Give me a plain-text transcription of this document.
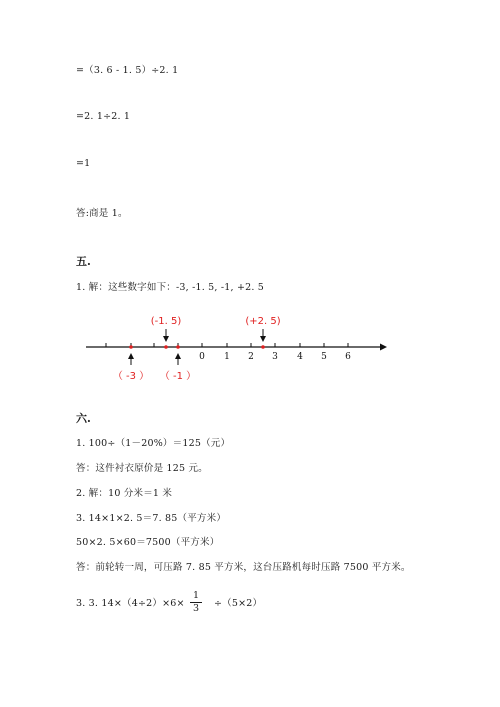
=（3. 6 - 1. 5）÷2. 1
=2. 1÷2. 1
=1
答:商是 1。
五.
1. 解：这些数字如下：-3, -1. 5, -1, +2. 5
0 1 2 3 4 5 6
(-1. 5)	(+2. 5)
（ -3 ） （ -1 ）
六.
1. 100÷（1－20%）＝125（元）
答：这件衬衣原价是 125 元。
2. 解：10 分米＝1 米
3. 14×1×2. 5＝7. 85（平方米）
50×2. 5×60＝7500（平方米）
答：前轮转一周，可压路 7. 85 平方米，这台压路机每时压路 7500 平方米。
3. 3. $14\times(4\div 2)\times 6\times \frac{1}{3} \div(5\times 2)$
